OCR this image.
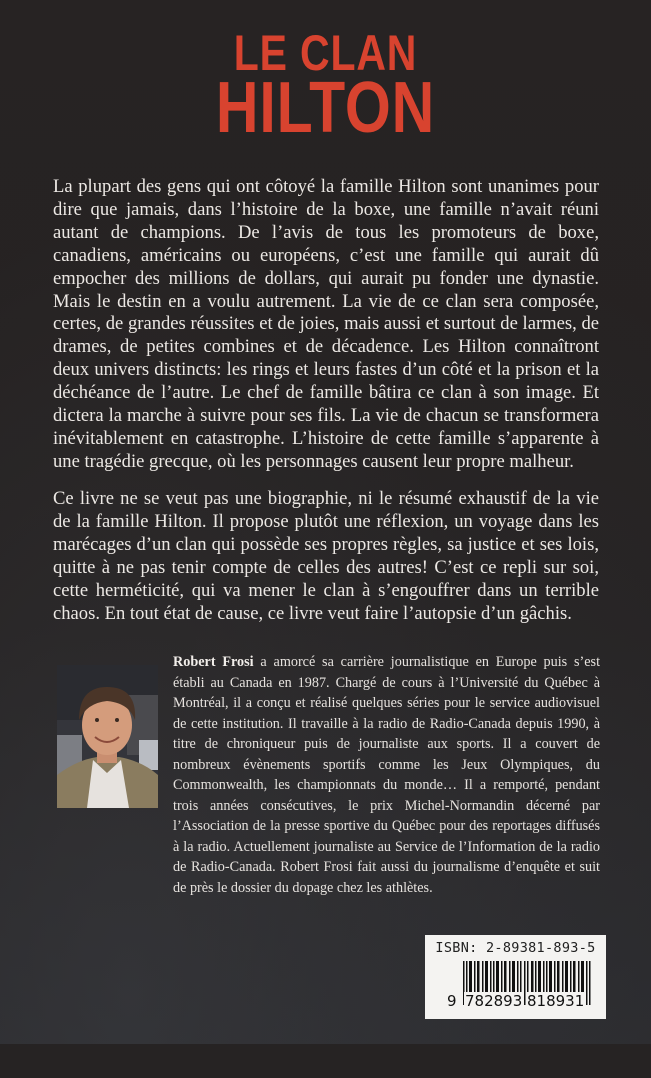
LE CLAN
HILTON

La plupart des gens qui ont côtoyé la famille Hilton sont unanimes pour dire que jamais, dans l’histoire de la boxe, une famille n’avait réuni autant de champions. De l’avis de tous les promoteurs de boxe, canadiens, américains ou européens, c’est une famille qui aurait dû empocher des millions de dollars, qui aurait pu fonder une dynastie. Mais le destin en a voulu autrement. La vie de ce clan sera composée, certes, de grandes réussites et de joies, mais aussi et surtout de larmes, de drames, de petites combines et de décadence. Les Hilton connaîtront deux univers distincts: les rings et leurs fastes d’un côté et la prison et la déchéance de l’autre. Le chef de famille bâtira ce clan à son image. Et dictera la marche à suivre pour ses fils. La vie de chacun se transformera inévitablement en catastrophe. L’histoire de cette famille s’apparente à une tragédie grecque, où les personnages causent leur propre malheur.

Ce livre ne se veut pas une biographie, ni le résumé exhaustif de la vie de la famille Hilton. Il propose plutôt une réflexion, un voyage dans les marécages d’un clan qui possède ses propres règles, sa justice et ses lois, quitte à ne pas tenir compte de celles des autres! C’est ce repli sur soi, cette herméticité, qui va mener le clan à s’engouffrer dans un terrible chaos. En tout état de cause, ce livre veut faire l’autopsie d’un gâchis.

Robert Frosi a amorcé sa carrière journalistique en Europe puis s’est établi au Canada en 1987. Chargé de cours à l’Université du Québec à Montréal, il a conçu et réalisé quelques séries pour le service audiovisuel de cette institution. Il travaille à la radio de Radio-Canada depuis 1990, à titre de chroniqueur puis de journaliste aux sports. Il a couvert de nombreux évènements sportifs comme les Jeux Olympiques, du Commonwealth, les championnats du monde… Il a remporté, pendant trois années consécutives, le prix Michel-Normandin décerné par l’Association de la presse sportive du Québec pour des reportages diffusés à la radio. Actuellement journaliste au Service de l’Information de la radio de Radio-Canada. Robert Frosi fait aussi du journalisme d’enquête et suit de près le dossier du dopage chez les athlètes.

ISBN: 2-89381-893-5

9

782893

818931
